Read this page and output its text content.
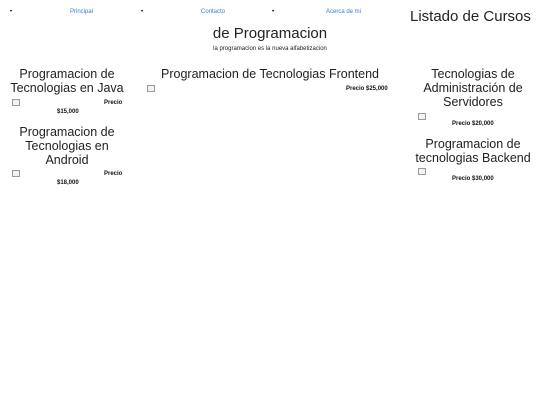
•	Principal	•	Contacto	•	Acerca de mi	Listado de Cursos
de Programacion

la programacion es la nueva alfabetizacion

Programacion de Tecnologias en Java
Precio
$15,000
Programacion de Tecnologias en Android
Precio
$18,000
Programacion de Tecnologias Frontend
Precio $25,000
Tecnologias de Administración de Servidores
Precio $20,000
Programacion de tecnologias Backend
Precio $30,000
